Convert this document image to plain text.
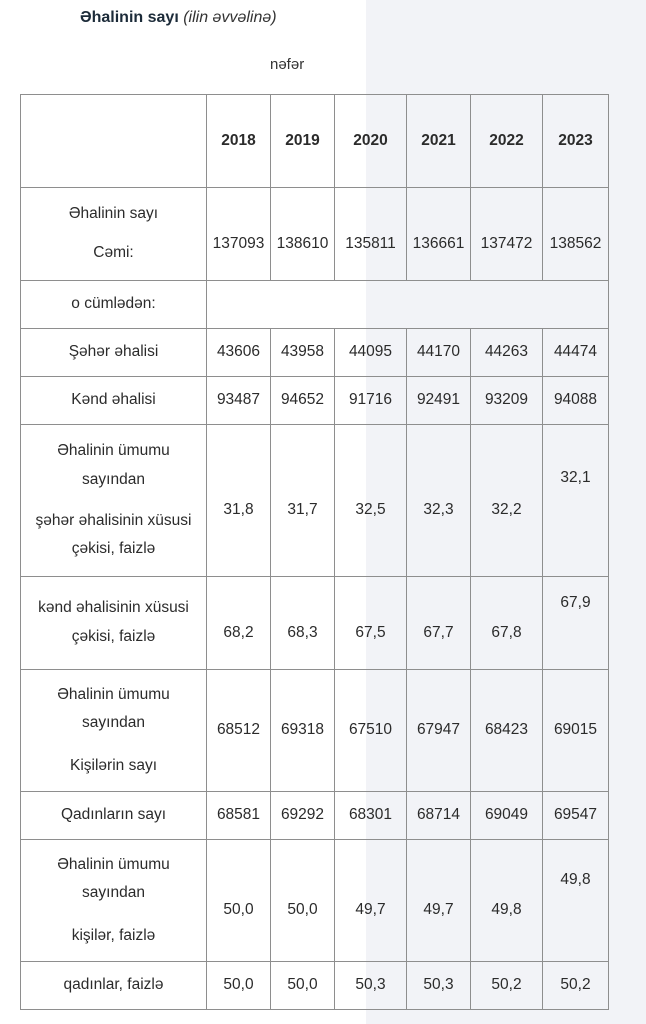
Əhalinin sayı (ilin əvvəlinə)
nəfər
	2018	2019	2020	2021	2022	2023

Əhalinin sayı
Cəmi:	137093	138610	135811	136661	137472	138562
o cümlədən:						
Şəhər əhalisi	43606	43958	44095	44170	44263	44474
Kənd əhalisi	93487	94652	91716	92491	93209	94088

Əhalinin ümumu
sayından
şəhər əhalisinin xüsusi
çəkisi, faizlə	31,8	31,7	32,5	32,3	32,2	32,1

kənd əhalisinin xüsusi
çəkisi, faizlə	68,2	68,3	67,5	67,7	67,8	67,9

Əhalinin ümumu
sayından
Kişilərin sayı	68512	69318	67510	67947	68423	69015
Qadınların sayı	68581	69292	68301	68714	69049	69547

Əhalinin ümumu
sayından
kişilər, faizlə	50,0	50,0	49,7	49,7	49,8	49,8
qadınlar, faizlə	50,0	50,0	50,3	50,3	50,2	50,2
